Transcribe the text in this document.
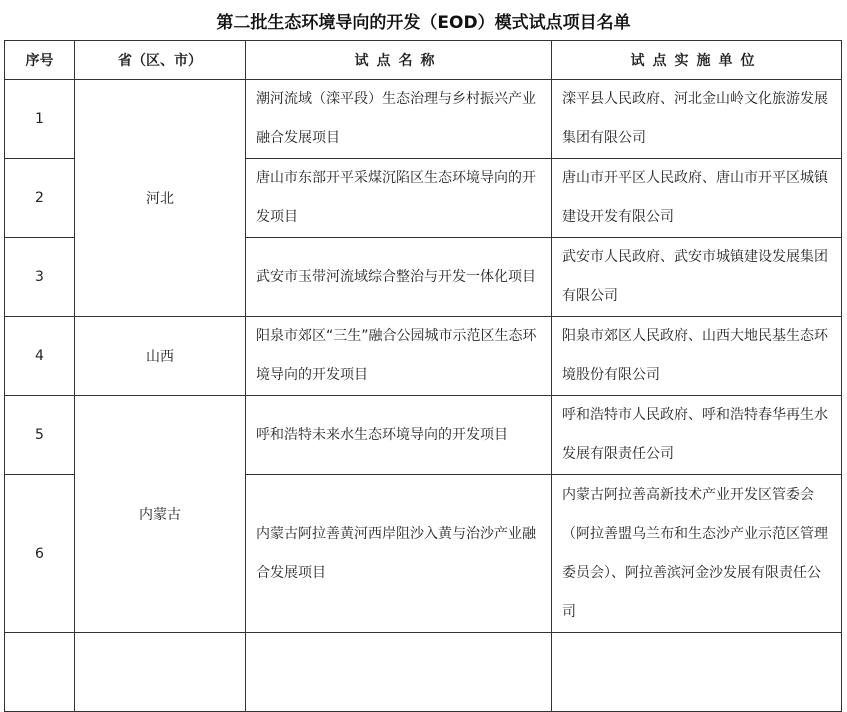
第二批生态环境导向的开发（EOD）模式试点项目名单
序号	省（区、市）	试点名称	试点实施单位
1	河北	潮河流域（滦平段）生态治理与乡村振兴产业融合发展项目	滦平县人民政府、河北金山岭文化旅游发展集团有限公司
2		唐山市东部开平采煤沉陷区生态环境导向的开发项目	唐山市开平区人民政府、唐山市开平区城镇建设开发有限公司
3		武安市玉带河流域综合整治与开发一体化项目	武安市人民政府、武安市城镇建设发展集团有限公司
4	山西	阳泉市郊区“三生”融合公园城市示范区生态环境导向的开发项目	阳泉市郊区人民政府、山西大地民基生态环境股份有限公司
5	内蒙古	呼和浩特未来水生态环境导向的开发项目	呼和浩特市人民政府、呼和浩特春华再生水发展有限责任公司
6		内蒙古阿拉善黄河西岸阻沙入黄与治沙产业融合发展项目	内蒙古阿拉善高新技术产业开发区管委会（阿拉善盟乌兰布和生态沙产业示范区管理委员会）、阿拉善滨河金沙发展有限责任公司
